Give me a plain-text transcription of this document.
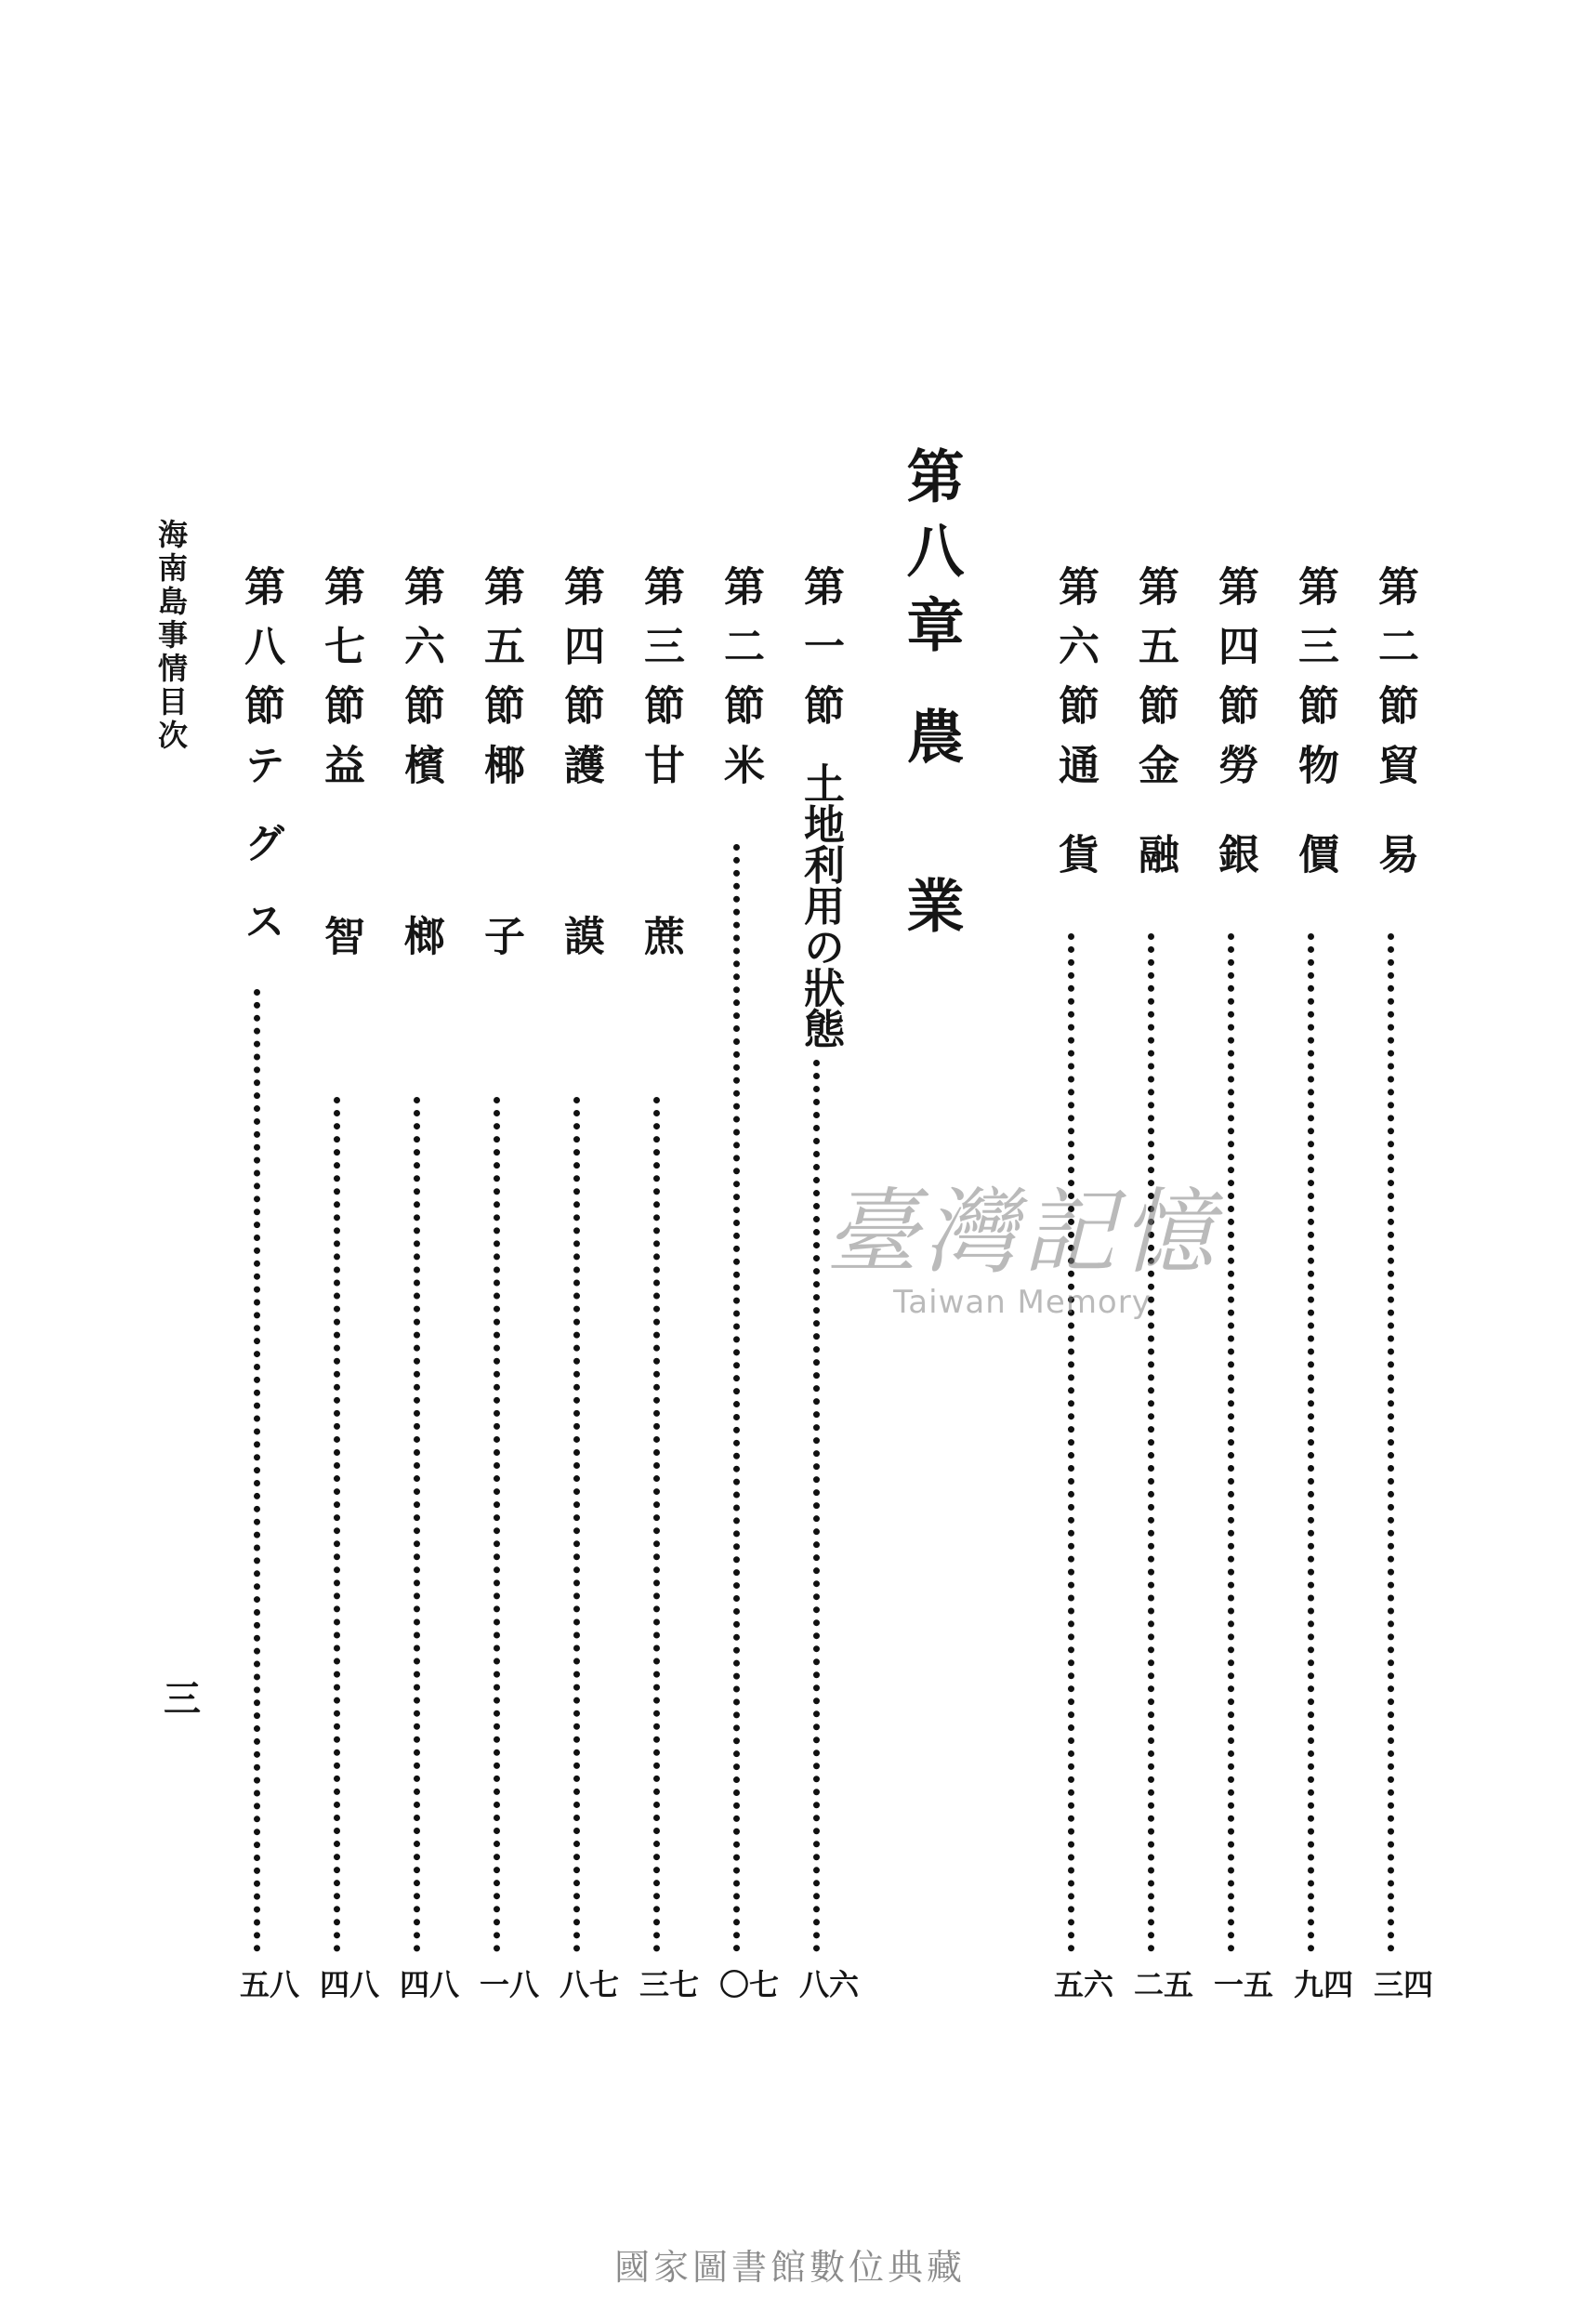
第二節
貿易
四三
第三節
物價
四九
第四節
勞銀
五一
第五節
金融
五二
第六節
通貨
六五
第八章農業
第一節
土地利用の狀態
六八
第二節
米
七〇
第三節
甘蔗
七三
第四節
護謨
七八
第五節
椰子
八一
第六節
檳榔
八四
第七節
益智
八四
第八節
テグス
八五
海南島事情目次
三
臺灣記憶
Taiwan Memory
國家圖書館數位典藏
